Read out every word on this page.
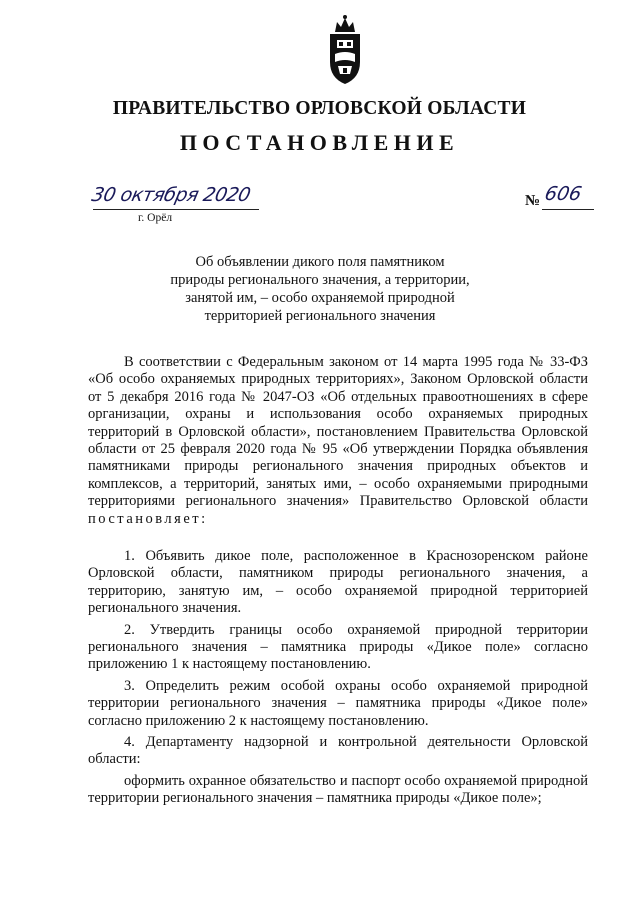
ПРАВИТЕЛЬСТВО ОРЛОВСКОЙ ОБЛАСТИ
ПОСТАНОВЛЕНИЕ
30 октября 2020
г. Орёл
№ 606
Об объявлении дикого поля памятником
природы регионального значения, а территории,
занятой им, – особо охраняемой природной
территорией регионального значения

В соответствии с Федеральным законом от 14 марта 1995 года № 33-ФЗ «Об особо охраняемых природных территориях», Законом Орловской области от 5 декабря 2016 года № 2047-ОЗ «Об отдельных правоотношениях в сфере организации, охраны и использования особо охраняемых природных территорий в Орловской области», постановлением Правительства Орловской области от 25 февраля 2020 года № 95 «Об утверждении Порядка объявления памятниками природы регионального значения природных объектов и комплексов, а территорий, занятых ими, – особо охраняемыми природными территориями регионального значения» Правительство Орловской области постановляет:

1. Объявить дикое поле, расположенное в Краснозоренском районе Орловской области, памятником природы регионального значения, а территорию, занятую им, – особо охраняемой природной территорией регионального значения.

2. Утвердить границы особо охраняемой природной территории регионального значения – памятника природы «Дикое поле» согласно приложению 1 к настоящему постановлению.

3. Определить режим особой охраны особо охраняемой природной территории регионального значения – памятника природы «Дикое поле» согласно приложению 2 к настоящему постановлению.

4. Департаменту надзорной и контрольной деятельности Орловской области:

оформить охранное обязательство и паспорт особо охраняемой природной территории регионального значения – памятника природы «Дикое поле»;
